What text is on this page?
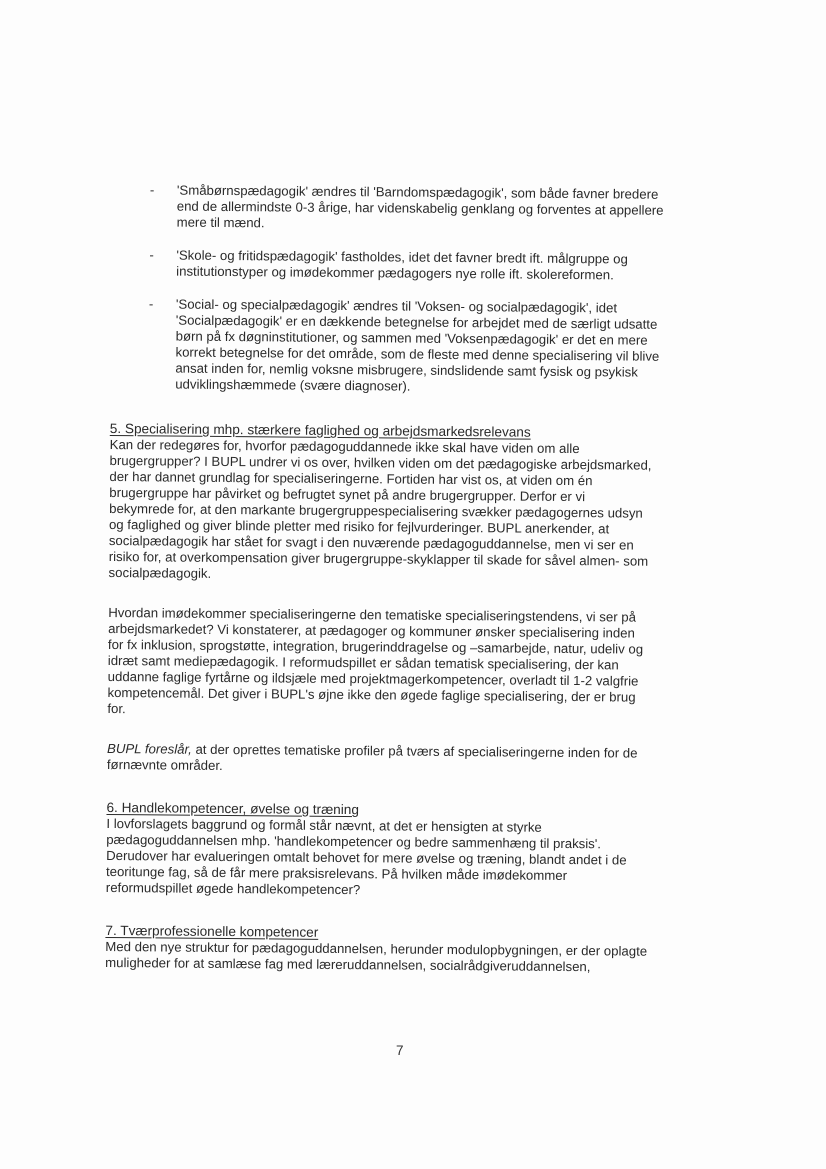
- 'Småbørnspædagogik' ændres til 'Barndomspædagogik', som både favner bredere
end de allermindste 0-3 årige, har videnskabelig genklang og forventes at appellere
mere til mænd.
- 'Skole- og fritidspædagogik' fastholdes, idet det favner bredt ift. målgruppe og
institutionstyper og imødekommer pædagogers nye rolle ift. skolereformen.
- 'Social- og specialpædagogik' ændres til 'Voksen- og socialpædagogik', idet
'Socialpædagogik' er en dækkende betegnelse for arbejdet med de særligt udsatte
børn på fx døgninstitutioner, og sammen med 'Voksenpædagogik' er det en mere
korrekt betegnelse for det område, som de fleste med denne specialisering vil blive
ansat inden for, nemlig voksne misbrugere, sindslidende samt fysisk og psykisk
udviklingshæmmede (svære diagnoser).
5. Specialisering mhp. stærkere faglighed og arbejdsmarkedsrelevans
Kan der redegøres for, hvorfor pædagoguddannede ikke skal have viden om alle
brugergrupper? I BUPL undrer vi os over, hvilken viden om det pædagogiske arbejdsmarked,
der har dannet grundlag for specialiseringerne. Fortiden har vist os, at viden om én
brugergruppe har påvirket og befrugtet synet på andre brugergrupper. Derfor er vi
bekymrede for, at den markante brugergruppespecialisering svækker pædagogernes udsyn
og faglighed og giver blinde pletter med risiko for fejlvurderinger. BUPL anerkender, at
socialpædagogik har stået for svagt i den nuværende pædagoguddannelse, men vi ser en
risiko for, at overkompensation giver brugergruppe-skyklapper til skade for såvel almen- som
socialpædagogik.
Hvordan imødekommer specialiseringerne den tematiske specialiseringstendens, vi ser på
arbejdsmarkedet? Vi konstaterer, at pædagoger og kommuner ønsker specialisering inden
for fx inklusion, sprogstøtte, integration, brugerinddragelse og –samarbejde, natur, udeliv og
idræt samt mediepædagogik. I reformudspillet er sådan tematisk specialisering, der kan
uddanne faglige fyrtårne og ildsjæle med projektmagerkompetencer, overladt til 1-2 valgfrie
kompetencemål. Det giver i BUPL's øjne ikke den øgede faglige specialisering, der er brug
for.
BUPL foreslår, at der oprettes tematiske profiler på tværs af specialiseringerne inden for de
førnævnte områder.
6. Handlekompetencer, øvelse og træning
I lovforslagets baggrund og formål står nævnt, at det er hensigten at styrke
pædagoguddannelsen mhp. 'handlekompetencer og bedre sammenhæng til praksis'.
Derudover har evalueringen omtalt behovet for mere øvelse og træning, blandt andet i de
teoritunge fag, så de får mere praksisrelevans. På hvilken måde imødekommer
reformudspillet øgede handlekompetencer?
7. Tværprofessionelle kompetencer
Med den nye struktur for pædagoguddannelsen, herunder modulopbygningen, er der oplagte
muligheder for at samlæse fag med læreruddannelsen, socialrådgiveruddannelsen,
7
